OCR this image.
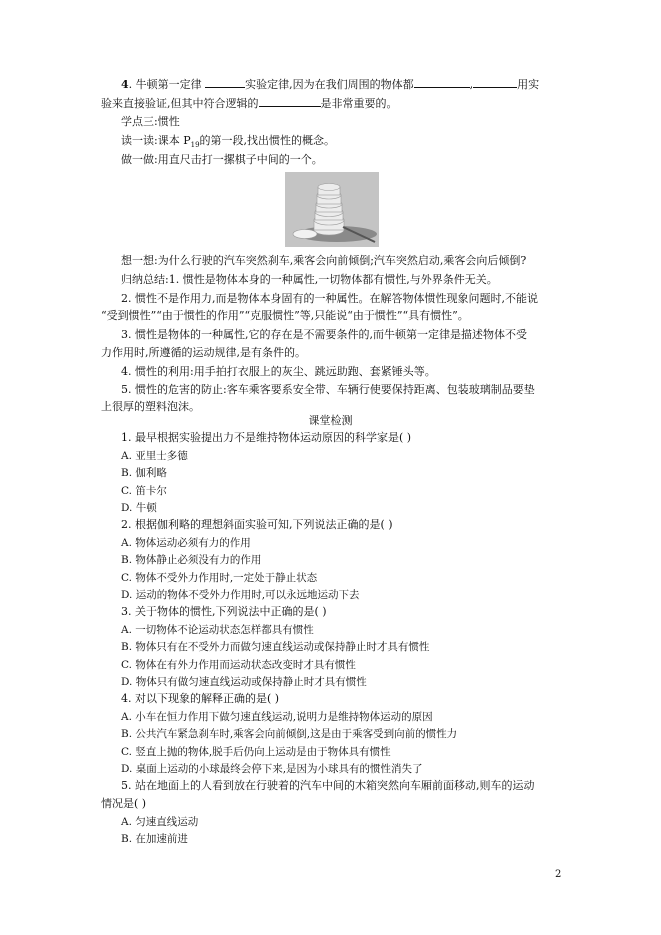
4. 牛顿第一定律	实验定律,因为在我们周围的物体都	,	用实
验来直接验证,但其中符合逻辑的	是非常重要的。
学点三:惯性
读一读:课本 $P_{19}$的第一段,找出惯性的概念。
做一做:用直尺击打一摞棋子中间的一个。
想一想:为什么行驶的汽车突然刹车,乘客会向前倾倒;汽车突然启动,乘客会向后倾倒?
归纳总结:1. 惯性是物体本身的一种属性,一切物体都有惯性,与外界条件无关。
2. 惯性不是作用力,而是物体本身固有的一种属性。在解答物体惯性现象问题时,不能说
“受到惯性”“由于惯性的作用”“克服惯性”等,只能说“由于惯性”“具有惯性”。
3. 惯性是物体的一种属性,它的存在是不需要条件的,而牛顿第一定律是描述物体不受
力作用时,所遵循的运动规律,是有条件的。
4. 惯性的利用:用手拍打衣服上的灰尘、跳远助跑、套紧锤头等。
5. 惯性的危害的防止:客车乘客要系安全带、车辆行使要保持距离、包装玻璃制品要垫
上很厚的塑料泡沫。
课堂检测
1. 最早根据实验提出力不是维持物体运动原因的科学家是( )
A. 亚里士多德
B. 伽利略
C. 笛卡尔
D. 牛顿
2. 根据伽利略的理想斜面实验可知,下列说法正确的是( )
A. 物体运动必须有力的作用
B. 物体静止必须没有力的作用
C. 物体不受外力作用时,一定处于静止状态
D. 运动的物体不受外力作用时,可以永远地运动下去
3. 关于物体的惯性,下列说法中正确的是( )
A. 一切物体不论运动状态怎样都具有惯性
B. 物体只有在不受外力而做匀速直线运动或保持静止时才具有惯性
C. 物体在有外力作用而运动状态改变时才具有惯性
D. 物体只有做匀速直线运动或保持静止时才具有惯性
4. 对以下现象的解释正确的是( )
A. 小车在恒力作用下做匀速直线运动,说明力是维持物体运动的原因
B. 公共汽车紧急刹车时,乘客会向前倾倒,这是由于乘客受到向前的惯性力
C. 竖直上抛的物体,脱手后仍向上运动是由于物体具有惯性
D. 桌面上运动的小球最终会停下来,是因为小球具有的惯性消失了
5. 站在地面上的人看到放在行驶着的汽车中间的木箱突然向车厢前面移动,则车的运动
情况是( )
A. 匀速直线运动
B. 在加速前进
2
